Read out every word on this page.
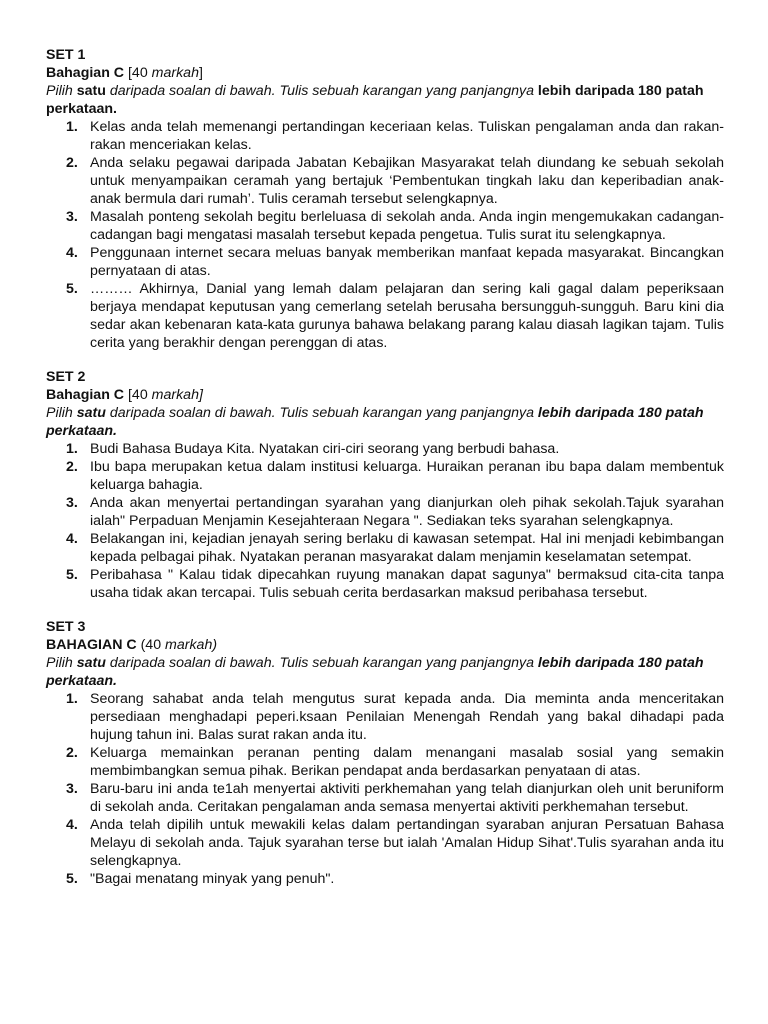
SET 1

Bahagian C [40 markah]

Pilih satu daripada soalan di bawah. Tulis sebuah karangan yang panjangnya lebih daripada 180 patah perkataan.

1. Kelas anda telah memenangi pertandingan keceriaan kelas. Tuliskan pengalaman anda dan rakan-rakan menceriakan kelas.
2. Anda selaku pegawai daripada Jabatan Kebajikan Masyarakat telah diundang ke sebuah sekolah untuk menyampaikan ceramah yang bertajuk ‘Pembentukan tingkah laku dan keperibadian anak-anak bermula dari rumah’. Tulis ceramah tersebut selengkapnya.
3. Masalah ponteng sekolah begitu berleluasa di sekolah anda. Anda ingin mengemukakan cadangan-cadangan bagi mengatasi masalah tersebut kepada pengetua. Tulis surat itu selengkapnya.
4. Penggunaan internet secara meluas banyak memberikan manfaat kepada masyarakat. Bincangkan pernyataan di atas.
5. ……… Akhirnya, Danial yang lemah dalam pelajaran dan sering kali gagal dalam peperiksaan berjaya mendapat keputusan yang cemerlang setelah berusaha bersungguh-sungguh. Baru kini dia sedar akan kebenaran kata-kata gurunya bahawa belakang parang kalau diasah lagikan tajam. Tulis cerita yang berakhir dengan perenggan di atas.

SET 2

Bahagian C [40 markah]

Pilih satu daripada soalan di bawah. Tulis sebuah karangan yang panjangnya lebih daripada 180 patah perkataan.

1. Budi Bahasa Budaya Kita. Nyatakan ciri-ciri seorang yang berbudi bahasa.
2. Ibu bapa merupakan ketua dalam institusi keluarga. Huraikan peranan ibu bapa dalam membentuk keluarga bahagia.
3. Anda akan menyertai pertandingan syarahan yang dianjurkan oleh pihak sekolah.Tajuk syarahan ialah" Perpaduan Menjamin Kesejahteraan Negara ". Sediakan teks syarahan selengkapnya.
4. Belakangan ini, kejadian jenayah sering berlaku di kawasan setempat. Hal ini menjadi kebimbangan kepada pelbagai pihak. Nyatakan peranan masyarakat dalam menjamin keselamatan setempat.
5. Peribahasa " Kalau tidak dipecahkan ruyung manakan dapat sagunya" bermaksud cita-cita tanpa usaha tidak akan tercapai. Tulis sebuah cerita berdasarkan maksud peribahasa tersebut.

SET 3

BAHAGIAN C (40 markah)

Pilih satu daripada soalan di bawah. Tulis sebuah karangan yang panjangnya lebih daripada 180 patah perkataan.

1. Seorang sahabat anda telah mengutus surat kepada anda. Dia meminta anda menceritakan persediaan menghadapi peperi.ksaan Penilaian Menengah Rendah yang bakal dihadapi pada hujung tahun ini. Balas surat rakan anda itu.
2. Keluarga memainkan peranan penting dalam menangani masalab sosial yang semakin membimbangkan semua pihak. Berikan pendapat anda berdasarkan penyataan di atas.
3. Baru-baru ini anda te1ah menyertai aktiviti perkhemahan yang telah dianjurkan oleh unit beruniform di sekolah anda. Ceritakan pengalaman anda semasa menyertai aktiviti perkhemahan tersebut.
4. Anda telah dipilih untuk mewakili kelas dalam pertandingan syaraban anjuran Persatuan Bahasa Melayu di sekolah anda. Tajuk syarahan terse but ialah 'Amalan Hidup Sihat'.Tulis syarahan anda itu selengkapnya.
5. "Bagai menatang minyak yang penuh".
